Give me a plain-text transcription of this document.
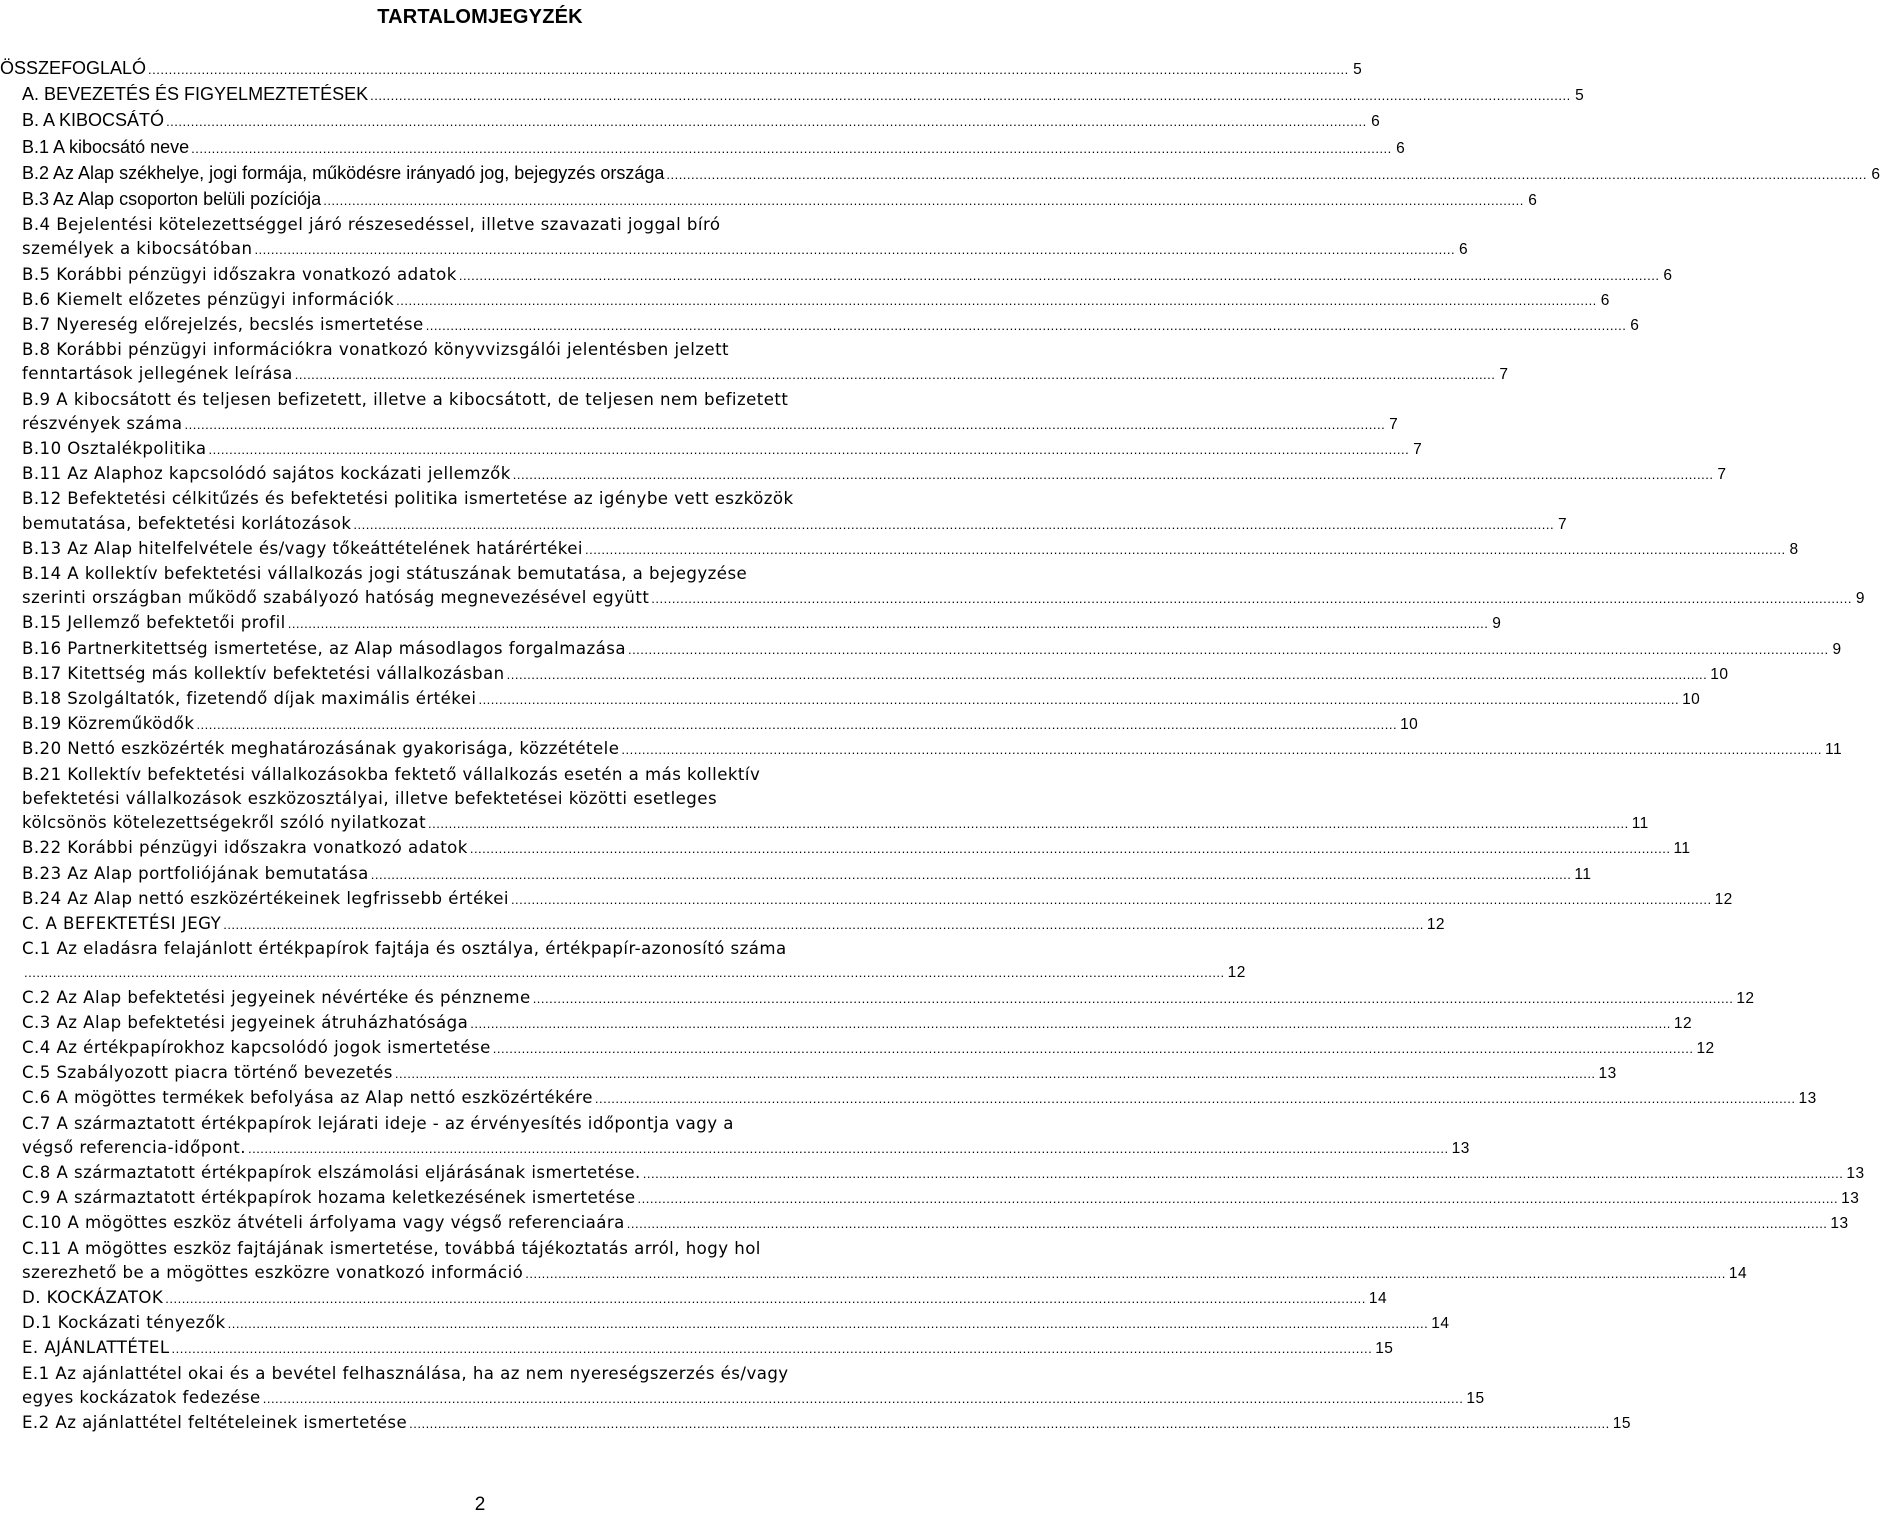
TARTALOMJEGYZÉK
ÖSSZEFOGLALÓ .....	5
A. BEVEZETÉS ÉS FIGYELMEZTETÉSEK .....	5
B. A KIBOCSÁTÓ .....	6
B.1 A kibocsátó neve .....	6
B.2 Az Alap székhelye, jogi formája, működésre irányadó jog, bejegyzés országa .....	6
B.3 Az Alap csoporton belüli pozíciója .....	6
B.4 Bejelentési kötelezettséggel járó részesedéssel, illetve szavazati joggal bíró
személyek a kibocsátóban .....	6
B.5 Korábbi pénzügyi időszakra vonatkozó adatok .....	6
B.6 Kiemelt előzetes pénzügyi információk .....	6
B.7 Nyereség előrejelzés, becslés ismertetése .....	6
B.8 Korábbi pénzügyi információkra vonatkozó könyvvizsgálói jelentésben jelzett
fenntartások jellegének leírása .....	7
B.9 A kibocsátott és teljesen befizetett, illetve a kibocsátott, de teljesen nem befizetett
részvények száma .....	7
B.10 Osztalékpolitika .....	7
B.11 Az Alaphoz kapcsolódó sajátos kockázati jellemzők .....	7
B.12 Befektetési célkitűzés és befektetési politika ismertetése az igénybe vett eszközök
bemutatása, befektetési korlátozások .....	7
B.13 Az Alap hitelfelvétele és/vagy tőkeáttételének határértékei .....	8
B.14 A kollektív befektetési vállalkozás jogi státuszának bemutatása, a bejegyzése
szerinti országban működő szabályozó hatóság megnevezésével együtt .....	9
B.15 Jellemző befektetői profil .....	9
B.16 Partnerkitettség ismertetése, az Alap másodlagos forgalmazása .....	9
B.17 Kitettség más kollektív befektetési vállalkozásban .....	10
B.18 Szolgáltatók, fizetendő díjak maximális értékei .....	10
B.19 Közreműködők .....	10
B.20 Nettó eszközérték meghatározásának gyakorisága, közzététele .....	11
B.21 Kollektív befektetési vállalkozásokba fektető vállalkozás esetén a más kollektív
befektetési vállalkozások eszközosztályai, illetve befektetései közötti esetleges
kölcsönös kötelezettségekről szóló nyilatkozat .....	11
B.22 Korábbi pénzügyi időszakra vonatkozó adatok .....	11
B.23 Az Alap portfoliójának bemutatása .....	11
B.24 Az Alap nettó eszközértékeinek legfrissebb értékei .....	12
C. A BEFEKTETÉSI JEGY .....	12
C.1 Az eladásra felajánlott értékpapírok fajtája és osztálya, értékpapír-azonosító száma
.....
12
C.2 Az Alap befektetési jegyeinek névértéke és pénzneme .....	12
C.3 Az Alap befektetési jegyeinek átruházhatósága .....	12
C.4 Az értékpapírokhoz kapcsolódó jogok ismertetése .....	12
C.5 Szabályozott piacra történő bevezetés .....	13
C.6 A mögöttes termékek befolyása az Alap nettó eszközértékére .....	13
C.7 A származtatott értékpapírok lejárati ideje - az érvényesítés időpontja vagy a
végső referencia-időpont. .....	13
C.8 A származtatott értékpapírok elszámolási eljárásának ismertetése. .....	13
C.9 A származtatott értékpapírok hozama keletkezésének ismertetése .....	13
C.10 A mögöttes eszköz átvételi árfolyama vagy végső referenciaára .....	13
C.11 A mögöttes eszköz fajtájának ismertetése, továbbá tájékoztatás arról, hogy hol
szerezhető be a mögöttes eszközre vonatkozó információ .....	14
D. KOCKÁZATOK .....	14
D.1 Kockázati tényezők .....	14
E. AJÁNLATTÉTEL .....	15
E.1 Az ajánlattétel okai és a bevétel felhasználása, ha az nem nyereségszerzés és/vagy
egyes kockázatok fedezése .....	15
E.2 Az ajánlattétel feltételeinek ismertetése .....	15
2
